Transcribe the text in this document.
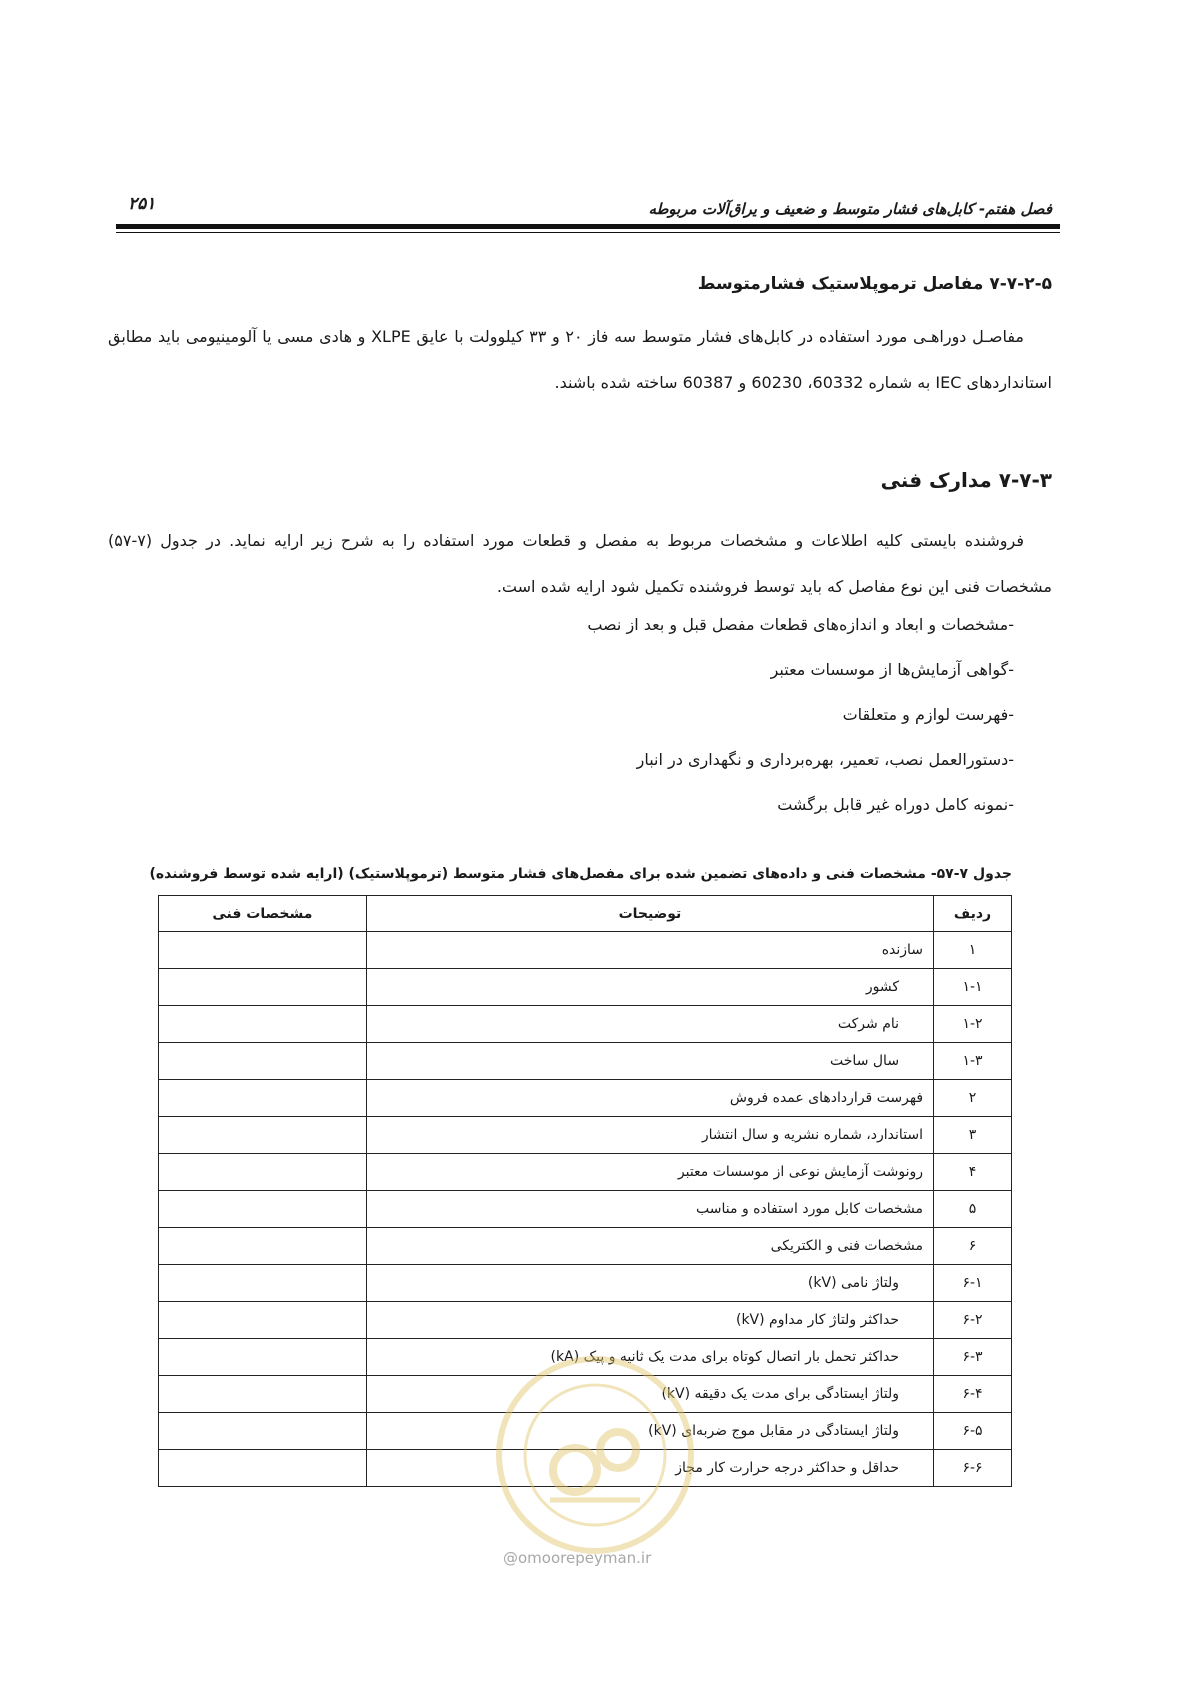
فصل هفتم- کابل‌های فشار متوسط و ضعیف و یراق‌آلات مربوطه
۲۵۱
۷-۷-۲-۵ مفاصل ترموپلاستیک فشارمتوسط

مفاصـل دوراهـی مورد استفاده در کابل‌های فشار متوسط سه فاز ۲۰ و ۳۳ کیلوولت با عایق XLPE و هادی مسی یا آلومینیومی باید مطابق استانداردهای IEC به شماره 60332، 60230 و 60387 ساخته شده باشند.

۷-۷-۳ مدارک فنی

فروشنده بایستی کلیه اطلاعات و مشخصات مربوط به مفصل و قطعات مورد استفاده را به شرح زیر ارایه نماید. در جدول (۷-۵۷) مشخصات فنی این نوع مفاصل که باید توسط فروشنده تکمیل شود ارایه شده است.

-مشخصات و ابعاد و اندازه‌های قطعات مفصل قبل و بعد از نصب
-گواهی آزمایش‌ها از موسسات معتبر
-فهرست لوازم و متعلقات
-دستورالعمل نصب، تعمیر، بهره‌برداری و نگهداری در انبار
-نمونه کامل دوراه غیر قابل برگشت
جدول ۷-۵۷- مشخصات فنی و داده‌های تضمین شده برای مفصل‌های فشار متوسط (ترموپلاستیک) (ارایه شده توسط فروشنده)
ردیف	توضیحات	مشخصات فنی
۱	سازنده	
۱-۱	کشور	
۱-۲	نام شرکت	
۱-۳	سال ساخت	
۲	فهرست قراردادهای عمده فروش	
۳	استاندارد، شماره نشریه و سال انتشار	
۴	رونوشت آزمایش نوعی از موسسات معتبر	
۵	مشخصات کابل مورد استفاده و مناسب	
۶	مشخصات فنی و الکتریکی	
۶-۱	ولتاژ نامی (kV)	
۶-۲	حداکثر ولتاژ کار مداوم (kV)	
۶-۳	حداکثر تحمل بار اتصال کوتاه برای مدت یک ثانیه و پیک (kA)	
۶-۴	ولتاژ ایستادگی برای مدت یک دقیقه (kV)	
۶-۵	ولتاژ ایستادگی در مقابل موج ضربه‌ای (kV)	
۶-۶	حداقل و حداکثر درجه حرارت کار مجاز	
@omoorepeyman.ir
